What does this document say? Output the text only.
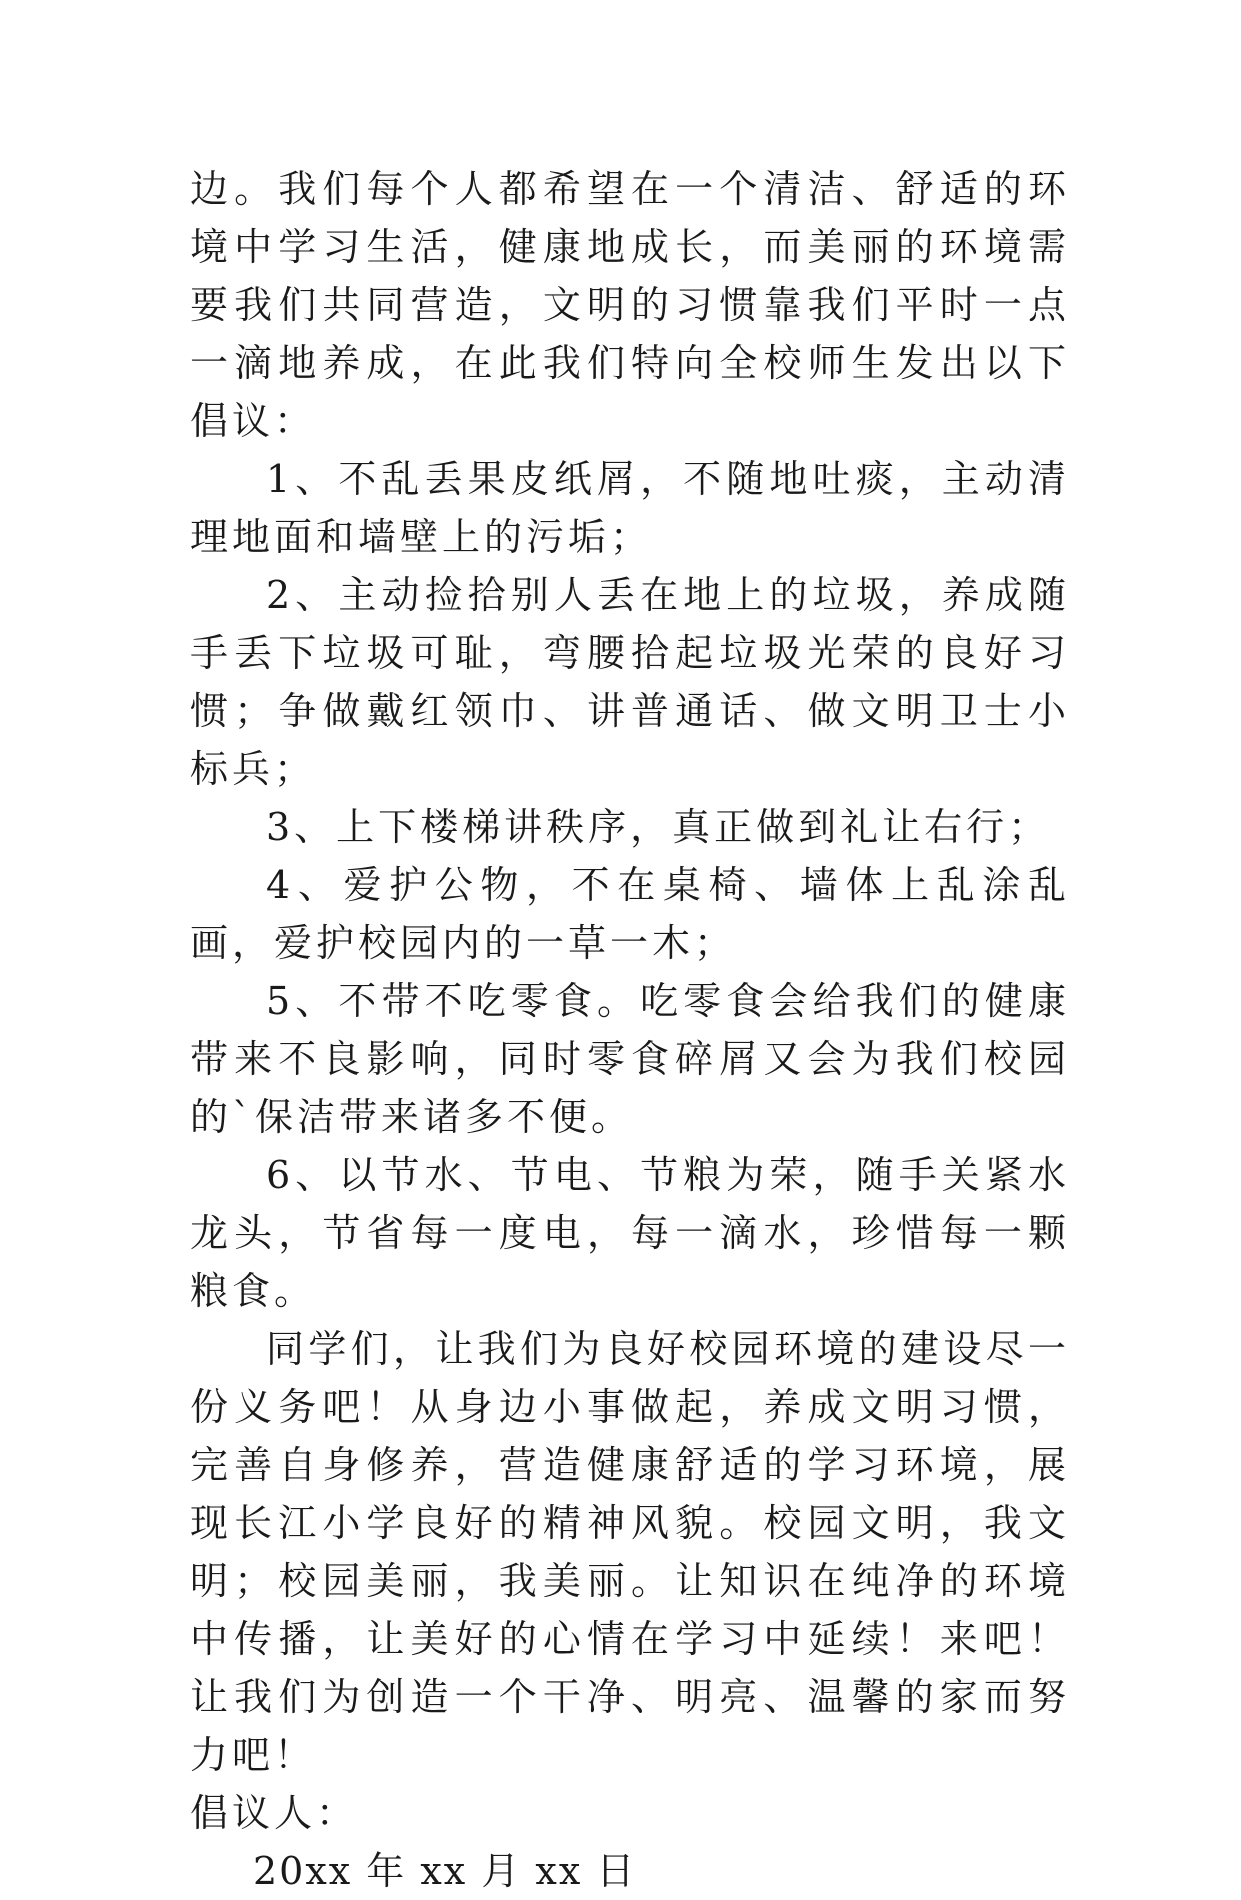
边。我们每个人都希望在一个清洁、舒适的环境中学习生活，健康地成长，而美丽的环境需要我们共同营造，文明的习惯靠我们平时一点一滴地养成，在此我们特向全校师生发出以下倡议：

1、不乱丢果皮纸屑，不随地吐痰，主动清理地面和墙壁上的污垢；

2、主动捡拾别人丢在地上的垃圾，养成随手丢下垃圾可耻，弯腰拾起垃圾光荣的良好习惯；争做戴红领巾、讲普通话、做文明卫士小标兵；

3、上下楼梯讲秩序，真正做到礼让右行；

4、爱护公物，不在桌椅、墙体上乱涂乱画，爱护校园内的一草一木；

5、不带不吃零食。吃零食会给我们的健康带来不良影响，同时零食碎屑又会为我们校园的`保洁带来诸多不便。

6、以节水、节电、节粮为荣，随手关紧水龙头，节省每一度电，每一滴水，珍惜每一颗粮食。

同学们，让我们为良好校园环境的建设尽一份义务吧！从身边小事做起，养成文明习惯，完善自身修养，营造健康舒适的学习环境，展现长江小学良好的精神风貌。校园文明，我文明；校园美丽，我美丽。让知识在纯净的环境中传播，让美好的心情在学习中延续！来吧！让我们为创造一个干净、明亮、温馨的家而努力吧！

倡议人：

20xx 年 xx 月 xx 日
